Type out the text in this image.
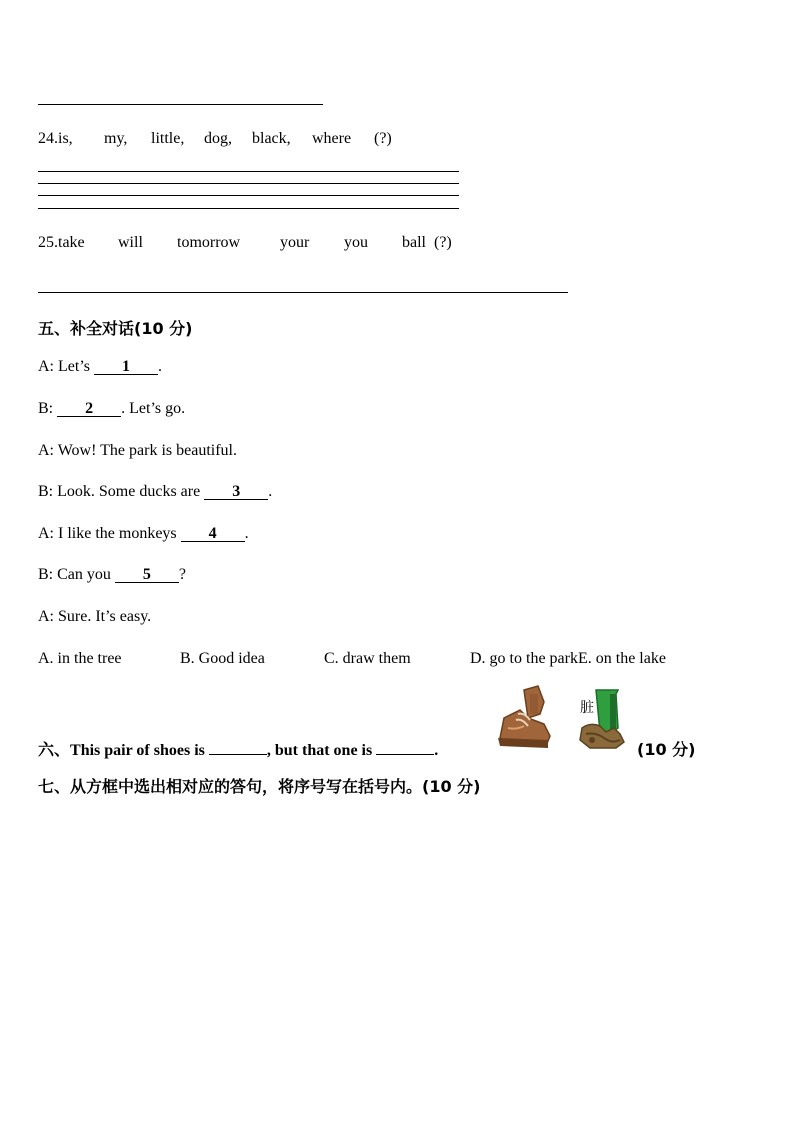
24.is, my, little, dog, black, where (?)
25.take will tomorrow your you ball (?)
五、补全对话(10 分)
A: Let’s 1 .
B: 2 . Let’s go.
A: Wow! The park is beautiful.
B: Look. Some ducks are 3 .
A: I like the monkeys 4 .
B: Can you 5 ?
A: Sure. It’s easy.
A. in the tree	B. Good idea	C. draw them	D. go to the parkE. on the lake
六、This pair of shoes is	, but that one is	.
脏
(10 分)
七、从方框中选出相对应的答句，将序号写在括号内。(10 分)
